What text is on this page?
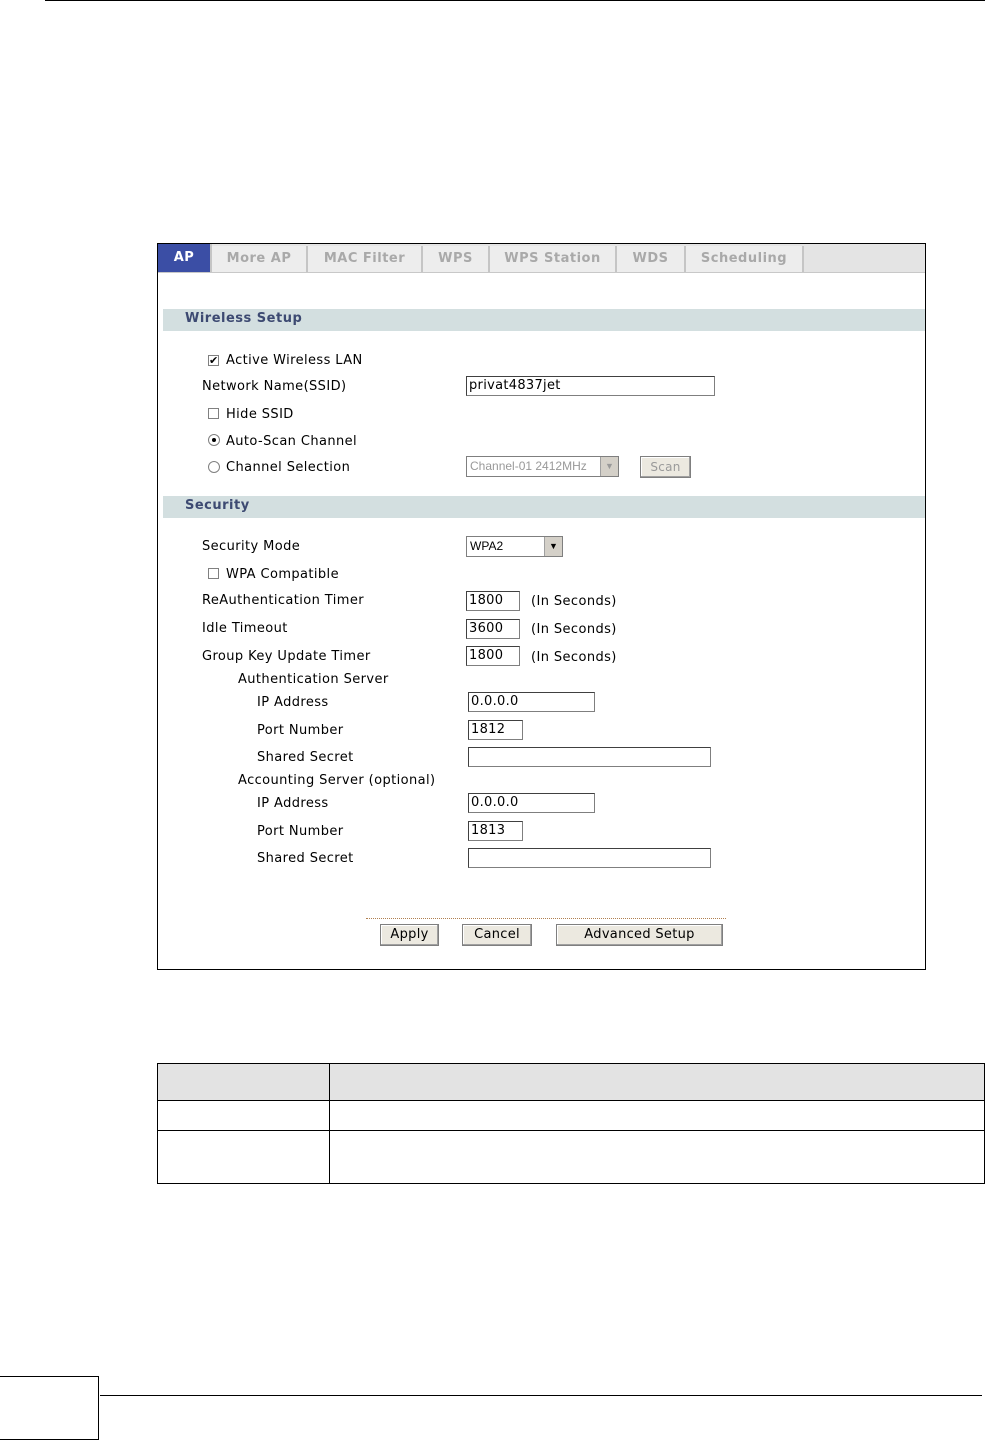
AP	More AP	MAC Filter	WPS	WPS Station	WDS	Scheduling
Wireless Setup
✔ Active Wireless LAN
Network Name(SSID)	privat4837jet
Hide SSID
Auto-Scan Channel
Channel Selection	Channel-01 2412MHz	▼	Scan
Security
Security Mode	WPA2	▼
WPA Compatible
ReAuthentication Timer	1800	(In Seconds)
Idle Timeout	3600	(In Seconds)
Group Key Update Timer	1800	(In Seconds)
Authentication Server
IP Address	0.0.0.0
Port Number	1812
Shared Secret
Accounting Server (optional)
IP Address	0.0.0.0
Port Number	1813
Shared Secret
Apply	Cancel	Advanced Setup
